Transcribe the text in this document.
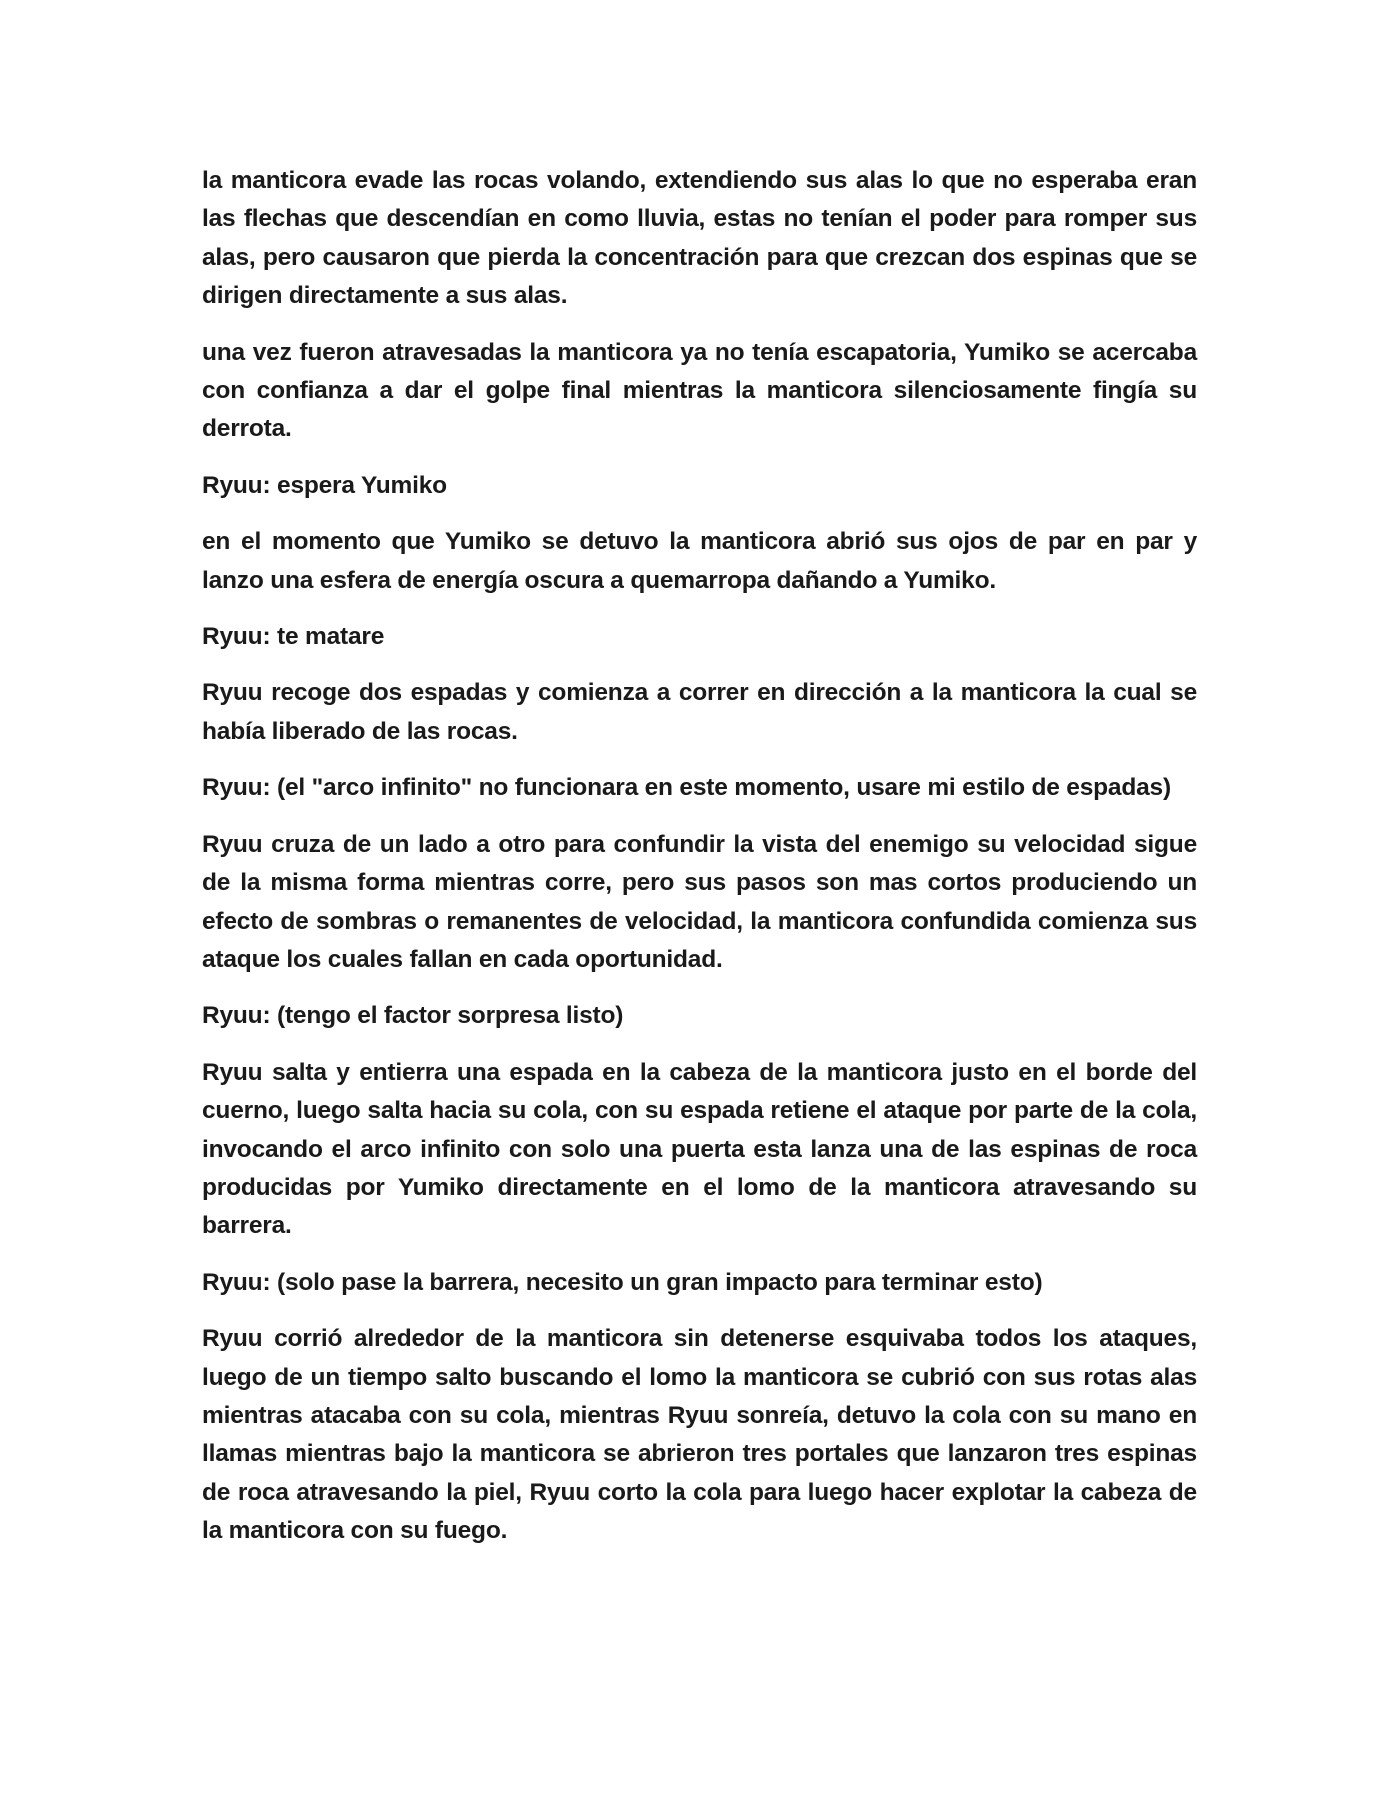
la manticora evade las rocas volando, extendiendo sus alas lo que no esperaba eran las flechas que descendían en como lluvia, estas no tenían el poder para romper sus alas, pero causaron que pierda la concentración para que crezcan dos espinas que se dirigen directamente a sus alas.

una vez fueron atravesadas la manticora ya no tenía escapatoria, Yumiko se acercaba con confianza a dar el golpe final mientras la manticora silenciosamente fingía su derrota.

Ryuu: espera Yumiko

en el momento que Yumiko se detuvo la manticora abrió sus ojos de par en par y lanzo una esfera de energía oscura a quemarropa dañando a Yumiko.

Ryuu: te matare

Ryuu recoge dos espadas y comienza a correr en dirección a la manticora la cual se había liberado de las rocas.

Ryuu: (el "arco infinito" no funcionara en este momento, usare mi estilo de espadas)

Ryuu cruza de un lado a otro para confundir la vista del enemigo su velocidad sigue de la misma forma mientras corre, pero sus pasos son mas cortos produciendo un efecto de sombras o remanentes de velocidad, la manticora confundida comienza sus ataque los cuales fallan en cada oportunidad.

Ryuu: (tengo el factor sorpresa listo)

Ryuu salta y entierra una espada en la cabeza de la manticora justo en el borde del cuerno, luego salta hacia su cola, con su espada retiene el ataque por parte de la cola, invocando el arco infinito con solo una puerta esta lanza una de las espinas de roca producidas por Yumiko directamente en el lomo de la manticora atravesando su barrera.

Ryuu: (solo pase la barrera, necesito un gran impacto para terminar esto)

Ryuu corrió alrededor de la manticora sin detenerse esquivaba todos los ataques, luego de un tiempo salto buscando el lomo la manticora se cubrió con sus rotas alas mientras atacaba con su cola, mientras Ryuu sonreía, detuvo la cola con su mano en llamas mientras bajo la manticora se abrieron tres portales que lanzaron tres espinas de roca atravesando la piel, Ryuu corto la cola para luego hacer explotar la cabeza de la manticora con su fuego.
